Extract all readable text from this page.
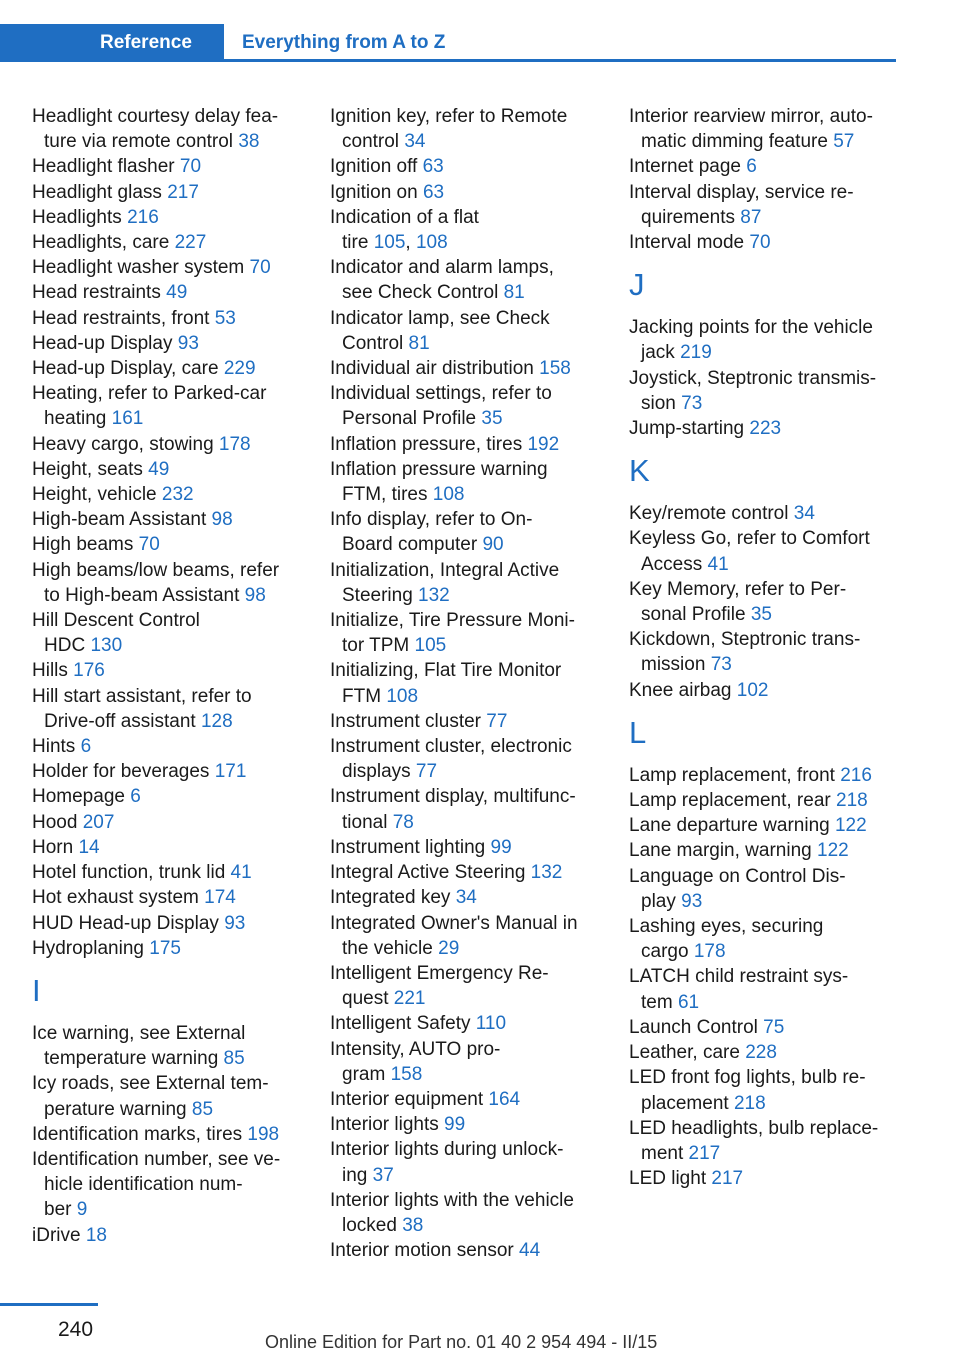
Reference	Everything from A to Z
Headlight courtesy delay fea‐
ture via remote control 38
Headlight flasher 70
Headlight glass 217
Headlights 216
Headlights, care 227
Headlight washer system 70
Head restraints 49
Head restraints, front 53
Head-up Display 93
Head-up Display, care 229
Heating, refer to Parked-car
heating 161
Heavy cargo, stowing 178
Height, seats 49
Height, vehicle 232
High-beam Assistant 98
High beams 70
High beams/low beams, refer
to High-beam Assistant 98
Hill Descent Control
HDC 130
Hills 176
Hill start assistant, refer to
Drive-off assistant 128
Hints 6
Holder for beverages 171
Homepage 6
Hood 207
Horn 14
Hotel function, trunk lid 41
Hot exhaust system 174
HUD Head-up Display 93
Hydroplaning 175
I
Ice warning, see External
temperature warning 85
Icy roads, see External tem‐
perature warning 85
Identification marks, tires 198
Identification number, see ve‐
hicle identification num‐
ber 9
iDrive 18
Ignition key, refer to Remote
control 34
Ignition off 63
Ignition on 63
Indication of a flat
tire 105, 108
Indicator and alarm lamps,
see Check Control 81
Indicator lamp, see Check
Control 81
Individual air distribution 158
Individual settings, refer to
Personal Profile 35
Inflation pressure, tires 192
Inflation pressure warning
FTM, tires 108
Info display, refer to On-
Board computer 90
Initialization, Integral Active
Steering 132
Initialize, Tire Pressure Moni‐
tor TPM 105
Initializing, Flat Tire Monitor
FTM 108
Instrument cluster 77
Instrument cluster, electronic
displays 77
Instrument display, multifunc‐
tional 78
Instrument lighting 99
Integral Active Steering 132
Integrated key 34
Integrated Owner's Manual in
the vehicle 29
Intelligent Emergency Re‐
quest 221
Intelligent Safety 110
Intensity, AUTO pro‐
gram 158
Interior equipment 164
Interior lights 99
Interior lights during unlock‐
ing 37
Interior lights with the vehicle
locked 38
Interior motion sensor 44
Interior rearview mirror, auto‐
matic dimming feature 57
Internet page 6
Interval display, service re‐
quirements 87
Interval mode 70
J
Jacking points for the vehicle
jack 219
Joystick, Steptronic transmis‐
sion 73
Jump-starting 223
K
Key/remote control 34
Keyless Go, refer to Comfort
Access 41
Key Memory, refer to Per‐
sonal Profile 35
Kickdown, Steptronic trans‐
mission 73
Knee airbag 102
L
Lamp replacement, front 216
Lamp replacement, rear 218
Lane departure warning 122
Lane margin, warning 122
Language on Control Dis‐
play 93
Lashing eyes, securing
cargo 178
LATCH child restraint sys‐
tem 61
Launch Control 75
Leather, care 228
LED front fog lights, bulb re‐
placement 218
LED headlights, bulb replace‐
ment 217
LED light 217
240
Online Edition for Part no. 01 40 2 954 494 - II/15
